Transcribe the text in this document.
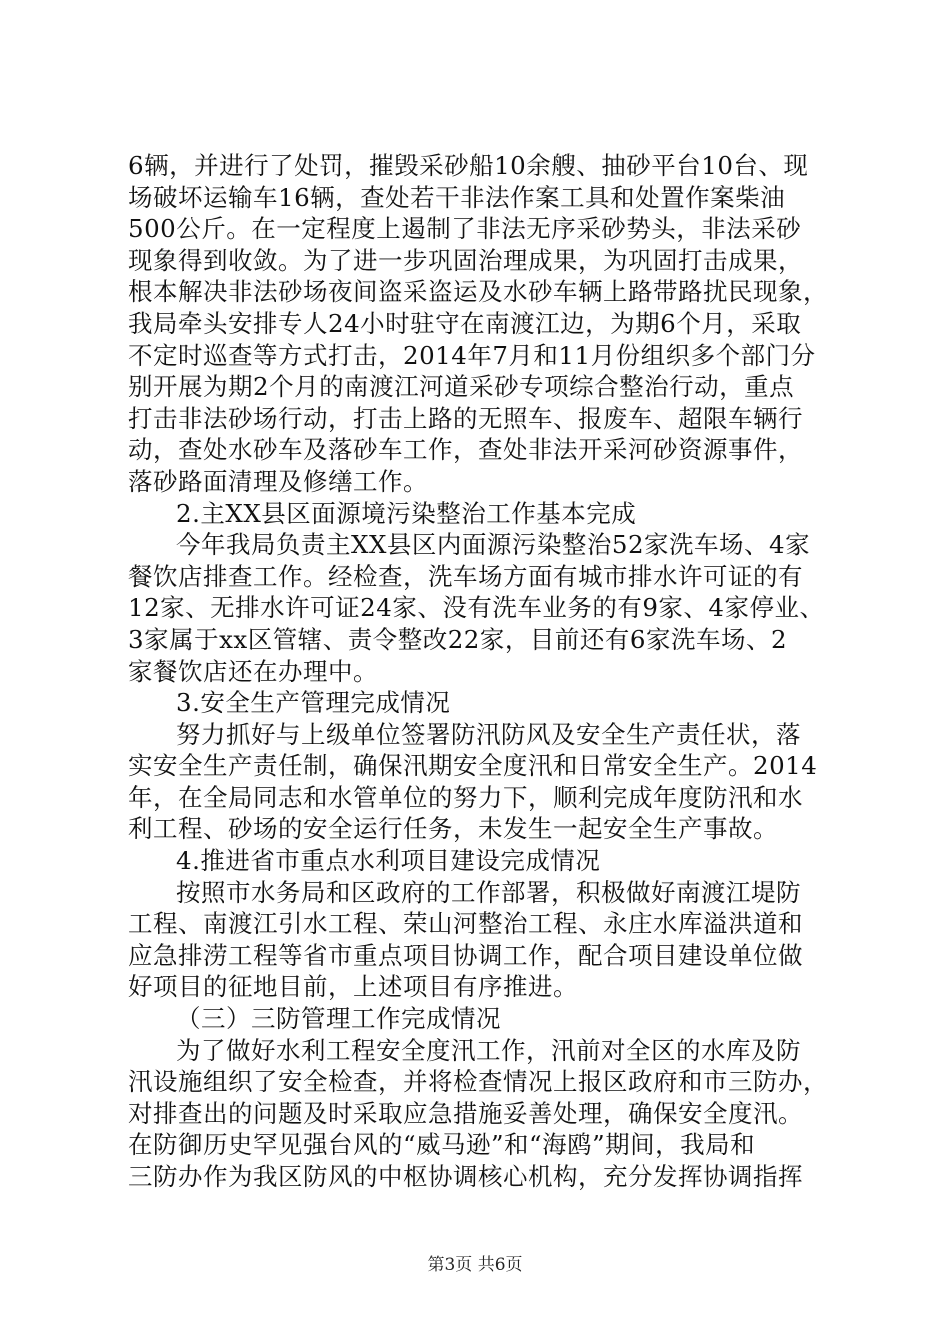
6辆，并进行了处罚，摧毁采砂船10余艘、抽砂平台10台、现
场破坏运输车16辆，查处若干非法作案工具和处置作案柴油
500公斤。在一定程度上遏制了非法无序采砂势头，非法采砂
现象得到收敛。为了进一步巩固治理成果，为巩固打击成果，
根本解决非法砂场夜间盗采盗运及水砂车辆上路带路扰民现象，
我局牵头安排专人24小时驻守在南渡江边，为期6个月，采取
不定时巡查等方式打击，2014年7月和11月份组织多个部门分
别开展为期2个月的南渡江河道采砂专项综合整治行动，重点
打击非法砂场行动，打击上路的无照车、报废车、超限车辆行
动，查处水砂车及落砂车工作，查处非法开采河砂资源事件，
落砂路面清理及修缮工作。
2.主XX县区面源境污染整治工作基本完成
今年我局负责主XX县区内面源污染整治52家洗车场、4家
餐饮店排查工作。经检查，洗车场方面有城市排水许可证的有
12家、无排水许可证24家、没有洗车业务的有9家、4家停业、
3家属于xx区管辖、责令整改22家，目前还有6家洗车场、2
家餐饮店还在办理中。
3.安全生产管理完成情况
努力抓好与上级单位签署防汛防风及安全生产责任状，落
实安全生产责任制，确保汛期安全度汛和日常安全生产。2014
年，在全局同志和水管单位的努力下，顺利完成年度防汛和水
利工程、砂场的安全运行任务，未发生一起安全生产事故。
4.推进省市重点水利项目建设完成情况
按照市水务局和区政府的工作部署，积极做好南渡江堤防
工程、南渡江引水工程、荣山河整治工程、永庄水库溢洪道和
应急排涝工程等省市重点项目协调工作，配合项目建设单位做
好项目的征地目前，上述项目有序推进。
（三）三防管理工作完成情况
为了做好水利工程安全度汛工作，汛前对全区的水库及防
汛设施组织了安全检查，并将检查情况上报区政府和市三防办，
对排查出的问题及时采取应急措施妥善处理，确保安全度汛。
在防御历史罕见强台风的“威马逊”和“海鸥”期间，我局和
三防办作为我区防风的中枢协调核心机构，充分发挥协调指挥
第3页 共6页
